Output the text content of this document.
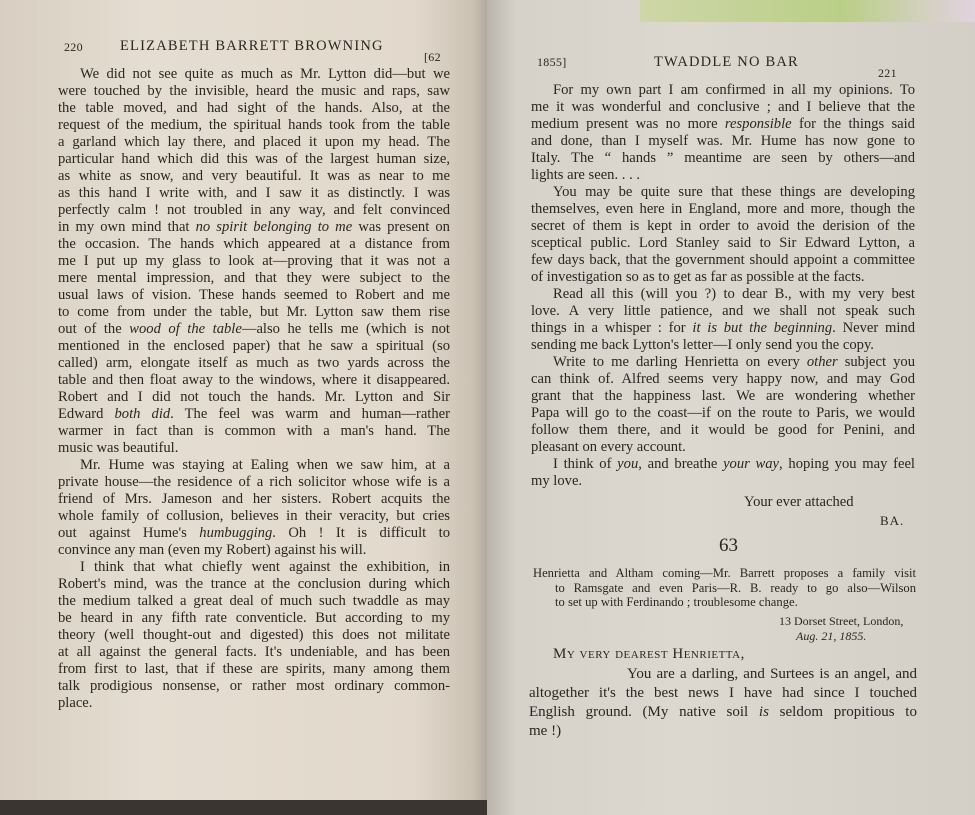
220	ELIZABETH BARRETT BROWNING
[62
We did not see quite as much as Mr. Lytton did—but we
were touched by the invisible, heard the music and raps, saw
the table moved, and had sight of the hands. Also, at the
request of the medium, the spiritual hands took from the table
a garland which lay there, and placed it upon my head. The
particular hand which did this was of the largest human size,
as white as snow, and very beautiful. It was as near to me
as this hand I write with, and I saw it as distinctly. I was
perfectly calm ! not troubled in any way, and felt convinced
in my own mind that no spirit belonging to me was present on
the occasion. The hands which appeared at a distance from
me I put up my glass to look at—proving that it was not a
mere mental impression, and that they were subject to the
usual laws of vision. These hands seemed to Robert and me
to come from under the table, but Mr. Lytton saw them rise
out of the wood of the table—also he tells me (which is not
mentioned in the enclosed paper) that he saw a spiritual (so
called) arm, elongate itself as much as two yards across the
table and then float away to the windows, where it disappeared.
Robert and I did not touch the hands. Mr. Lytton and Sir
Edward both did. The feel was warm and human—rather
warmer in fact than is common with a man's hand. The
music was beautiful.
Mr. Hume was staying at Ealing when we saw him, at a
private house—the residence of a rich solicitor whose wife is a
friend of Mrs. Jameson and her sisters. Robert acquits the
whole family of collusion, believes in their veracity, but cries
out against Hume's humbugging. Oh ! It is difficult to
convince any man (even my Robert) against his will.
I think that what chiefly went against the exhibition, in
Robert's mind, was the trance at the conclusion during which
the medium talked a great deal of much such twaddle as may
be heard in any fifth rate conventicle. But according to my
theory (well thought-out and digested) this does not militate
at all against the general facts. It's undeniable, and has been
from first to last, that if these are spirits, many among them
talk prodigious nonsense, or rather most ordinary common-
place.
1855]	TWADDLE NO BAR
221
For my own part I am confirmed in all my opinions. To
me it was wonderful and conclusive ; and I believe that the
medium present was no more responsible for the things said
and done, than I myself was. Mr. Hume has now gone to
Italy. The “ hands ” meantime are seen by others—and
lights are seen. . . .
You may be quite sure that these things are developing
themselves, even here in England, more and more, though the
secret of them is kept in order to avoid the derision of the
sceptical public. Lord Stanley said to Sir Edward Lytton, a
few days back, that the government should appoint a committee
of investigation so as to get as far as possible at the facts.
Read all this (will you ?) to dear B., with my very best
love. A very little patience, and we shall not speak such
things in a whisper : for it is but the beginning. Never mind
sending me back Lytton's letter—I only send you the copy.
Write to me darling Henrietta on every other subject you
can think of. Alfred seems very happy now, and may God
grant that the happiness last. We are wondering whether
Papa will go to the coast—if on the route to Paris, we would
follow them there, and it would be good for Penini, and
pleasant on every account.
I think of you, and breathe your way, hoping you may feel
my love.
Your ever attached
BA.
63
Henrietta and Altham coming—Mr. Barrett proposes a family visit
to Ramsgate and even Paris—R. B. ready to go also—Wilson
to set up with Ferdinando ; troublesome change.
13 Dorset Street, London,
Aug. 21, 1855.
My very dearest Henrietta,
You are a darling, and Surtees is an angel, and
altogether it's the best news I have had since I touched
English ground. (My native soil is seldom propitious to
me !)
